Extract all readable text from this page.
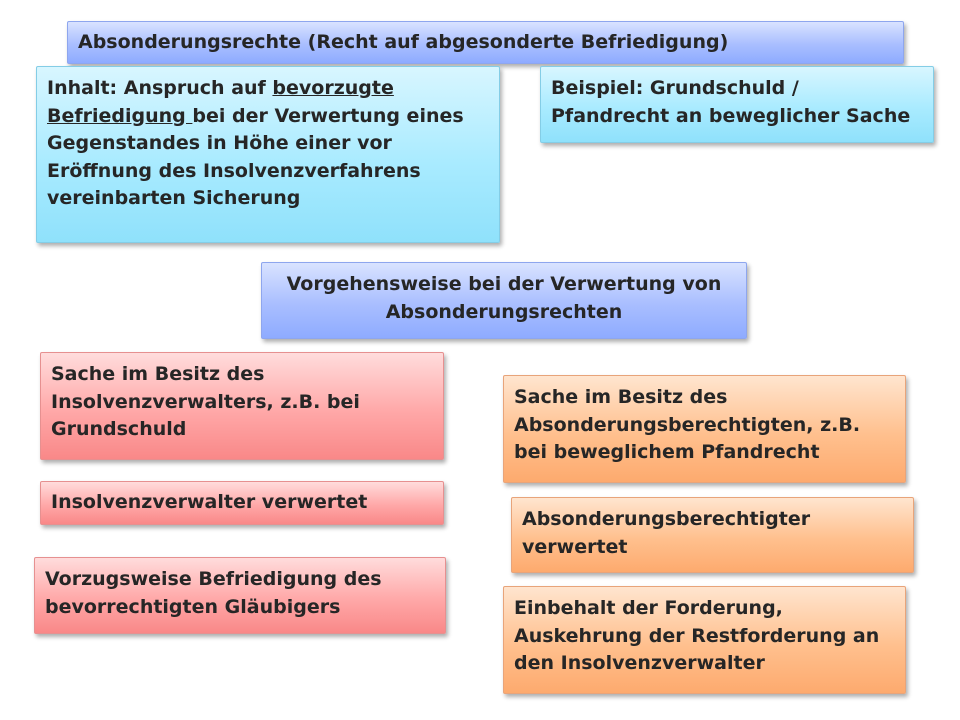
Absonderungsrechte (Recht auf abgesonderte Befriedigung)
Inhalt: Anspruch auf bevorzugte Befriedigung bei der Verwertung eines Gegenstandes in Höhe einer vor Eröffnung des Insolvenzverfahrens vereinbarten Sicherung
Beispiel: Grundschuld / Pfandrecht an beweglicher Sache
Vorgehensweise bei der Verwertung von Absonderungsrechten
Sache im Besitz des Insolvenzverwalters, z.B. bei Grundschuld
Insolvenzverwalter verwertet
Vorzugsweise Befriedigung des bevorrechtigten Gläubigers
Sache im Besitz des Absonderungsberechtigten, z.B. bei beweglichem Pfandrecht
Absonderungsberechtigter verwertet
Einbehalt der Forderung, Auskehrung der Restforderung an den Insolvenzverwalter
